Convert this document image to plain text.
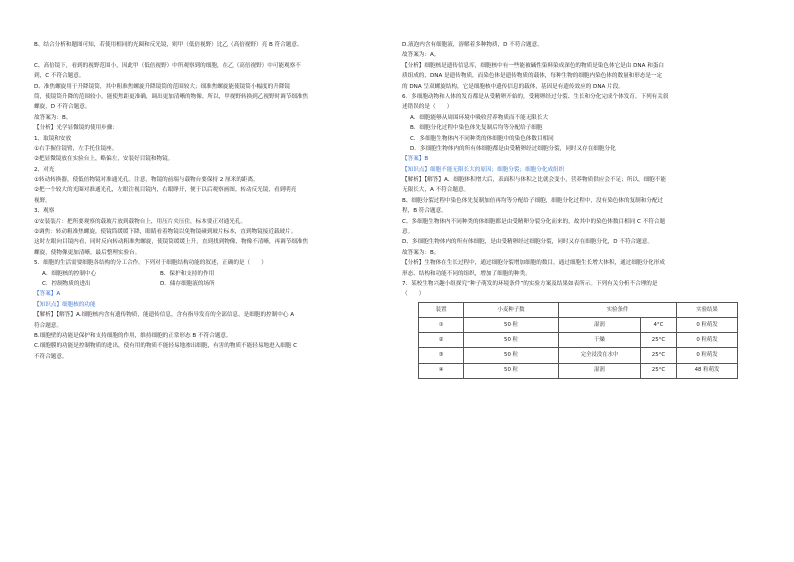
B、结合分析和题图可知，若使用相同的光圈和反光镜，则甲（低倍视野）比乙（高倍视野）亮 B 符合题意。
C、高倍镜下，看到的视野范围小，因此甲（低倍视野）中所观察到的细胞，在乙（高倍视野）中可能观察不
到，C 不符合题意。
D、准焦螺旋用于升降镜筒，其中粗准焦螺旋升降镜筒的范围较大；细准焦螺旋能使镜筒小幅度的升降镜
筒，使镜筒升降的范围较小，能使焦距更准确，调出更加清晰的物像。所以，甲视野转换到乙视野时调节细准焦
螺旋，D 不符合题意。
故答案为：B。
【分析】光学显微镜的使用步骤：
1、取镜和安放
①右手握住镜臂，左手托住镜座。
②把显微镜放在实验台上，略偏左，安装好目镜和物镜。
2、对光
①转动转换器，使低倍物镜对准通光孔。注意，物镜的前端与载物台要保持 2 厘米的距离。
②把一个较大的光圈对准通光孔，左眼注视目镜内，右眼睁开，便于以后观察画图。转动反光镜，看到明亮
视野。
3、观察
①安装装片：把所要观察的载玻片放到载物台上，用压片夹压住，标本要正对通光孔。
②调焦：转动粗准焦螺旋，使镜筒缓缓下降，眼睛看着物镜以免物镜碰到玻片标本，直到物镜接近载玻片。
这时左眼向目镜内看，同时反向转动粗准焦螺旋，使镜筒缓缓上升，直到找到物像，物像不清晰，再调节细准焦
螺旋，使物像更加清晰。最后整理实验台。
5．细胞的生活需要细胞各结构的分工合作。下列对于细胞结构功能的叙述，正确的是（　　）
A．细胞核的控制中心	B．保护和支持的作用
C．控制物质的进出	D．储存细胞液的场所
【答案】A
【知识点】细胞核的功能
【解析】【解答】A.细胞核内含有遗传物质，能遗传信息，含有指导发育的全部信息，是细胞的控制中心 A
符合题意。
B.细胞壁的功能是保护和支持细胞的作用，维持细胞的正常形态 B 不符合题意。
C.细胞膜的功能是控制物质的进出，使有用的物质不能轻易地渗出细胞，有害的物质不能轻易地进入细胞 C
不符合题意。
D.液泡内含有细胞液，溶解着多种物质，D 不符合题意。
故答案为：A。
【分析】细胞核是遗传信息库，细胞核中有一些能被碱性染料染成深色的物质是染色体它是由 DNA 和蛋白
质组成的，DNA 是遗传物质，而染色体是遗传物质的载体，每种生物的细胞内染色体的数量和形态是一定
的 DNA 呈双螺旋结构，它是细胞核中遗传信息的载体，基因是有遗传效应的 DNA 片段。
6．多细胞动物和人体的发育都是从受精卵开始的，受精卵经过分裂、生长和分化完成个体发育。下列有关叙
述错误的是（　　）
A．细胞能够从周围环境中吸收营养物质而不能无限长大
B．细胞分化过程中染色体先复制后均等分配给子细胞
C．多细胞生物体内不同种类的体细胞中的染色体数目相同
D．多细胞生物体内的所有体细胞都是由受精卵经过细胞分裂，同时又存在细胞分化
【答案】B
【知识点】细胞不能无限长大的原因；细胞分裂；细胞分化成组织
【解析】【解答】A、细胞体积增大后，表面积与体积之比就会变小，营养物质供应会不足；所以，细胞不能
无限长大，A 不符合题意。
B、细胞分裂过程中染色体先复制加倍再均等分配给子细胞，细胞分化过程中，没有染色体的复制和分配过
程，B 符合题意。
C、多细胞生物体内不同种类的体细胞都是由受精卵分裂分化而来的，故其中的染色体数目相同 C 不符合题
意。
D、多细胞生物体内的所有体细胞，是由受精卵经过细胞分裂，同时又存在细胞分化，D 不符合题意。
故答案为：B。
【分析】生物体在生长过程中，通过细胞分裂增加细胞的数目，通过细胞生长增大体积，通过细胞分化形成
形态、结构和功能不同的组织，增加了细胞的种类。
7．某校生物兴趣小组探究“种子萌发的环境条件”的实验方案及结果如表所示。下列有关分析不合理的是
（　　）
装置	小麦种子数	实验条件		实验结果
①	50 粒	湿润	4°C	0 粒萌发
②	50 粒	干燥	25°C	0 粒萌发
③	50 粒	完全浸没在水中	25°C	0 粒萌发
④	50 粒	湿润	25°C	48 粒萌发
